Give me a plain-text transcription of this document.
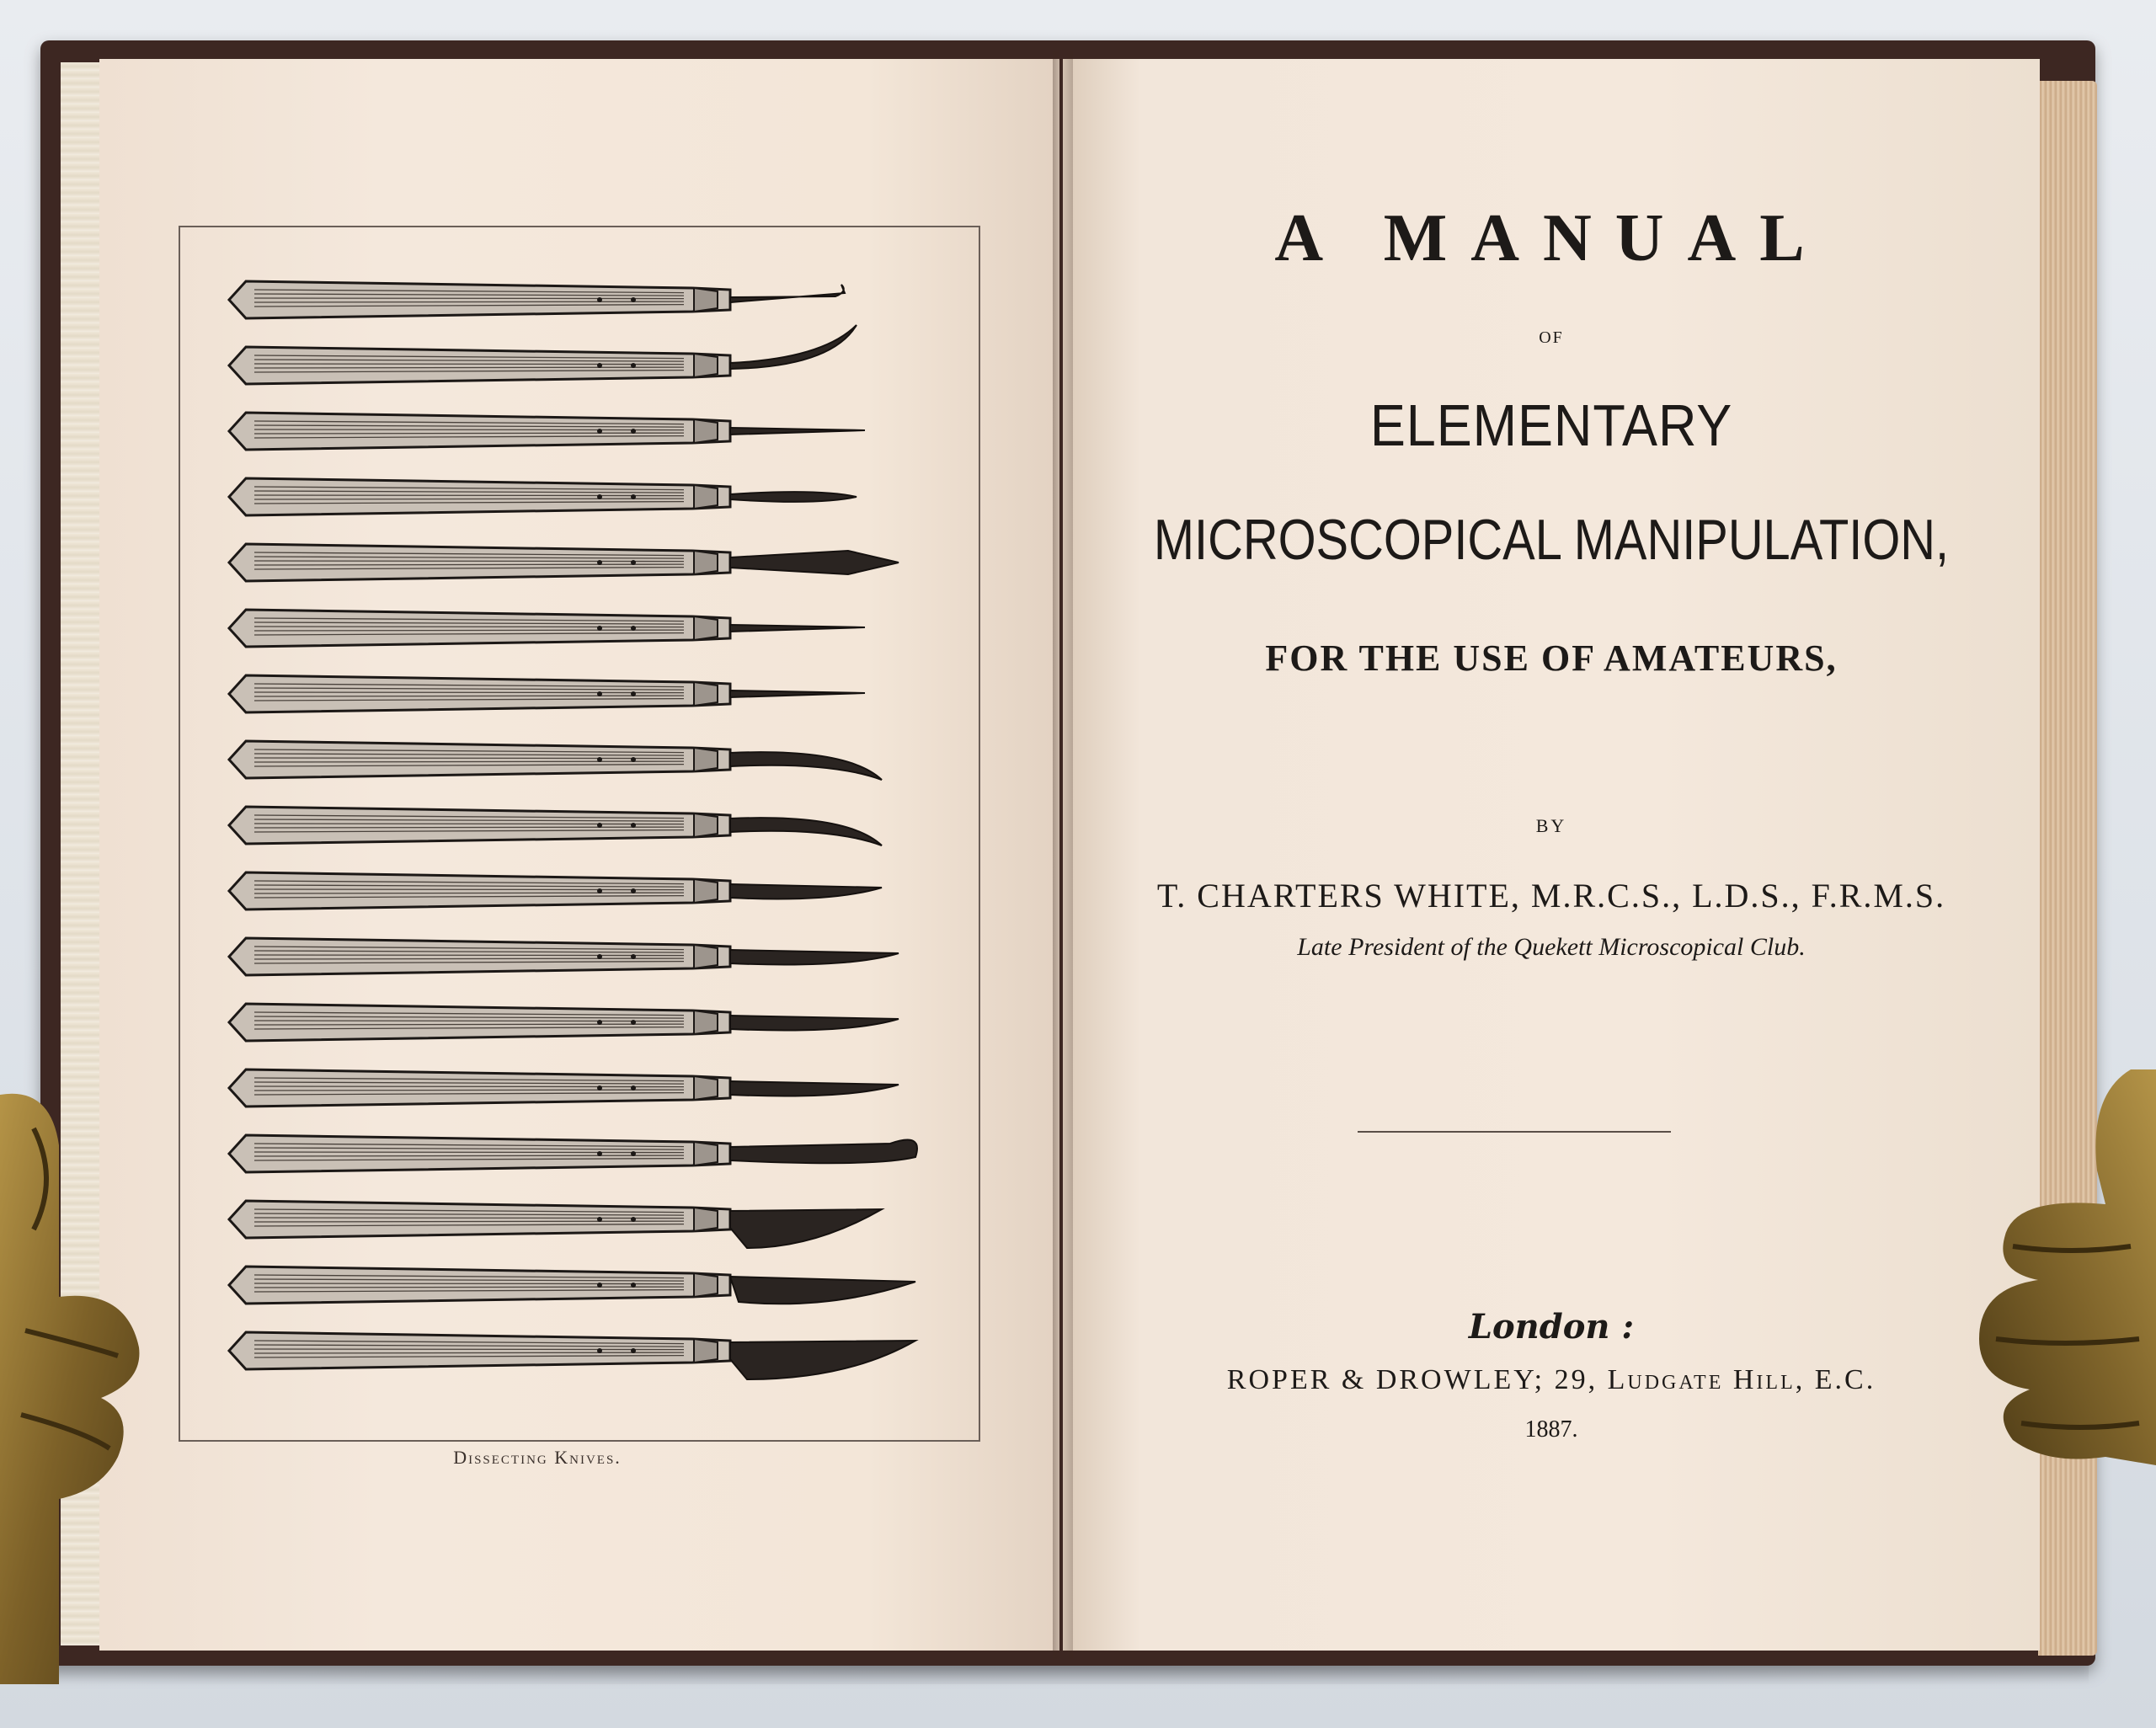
Dissecting Knives.
A MANUAL
OF
ELEMENTARY
MICROSCOPICAL MANIPULATION,
FOR THE USE OF AMATEURS,
BY
T. CHARTERS WHITE, M.R.C.S., L.D.S., F.R.M.S.
Late President of the Quekett Microscopical Club.
London :
ROPER & DROWLEY; 29, Ludgate Hill, E.C.
1887.
